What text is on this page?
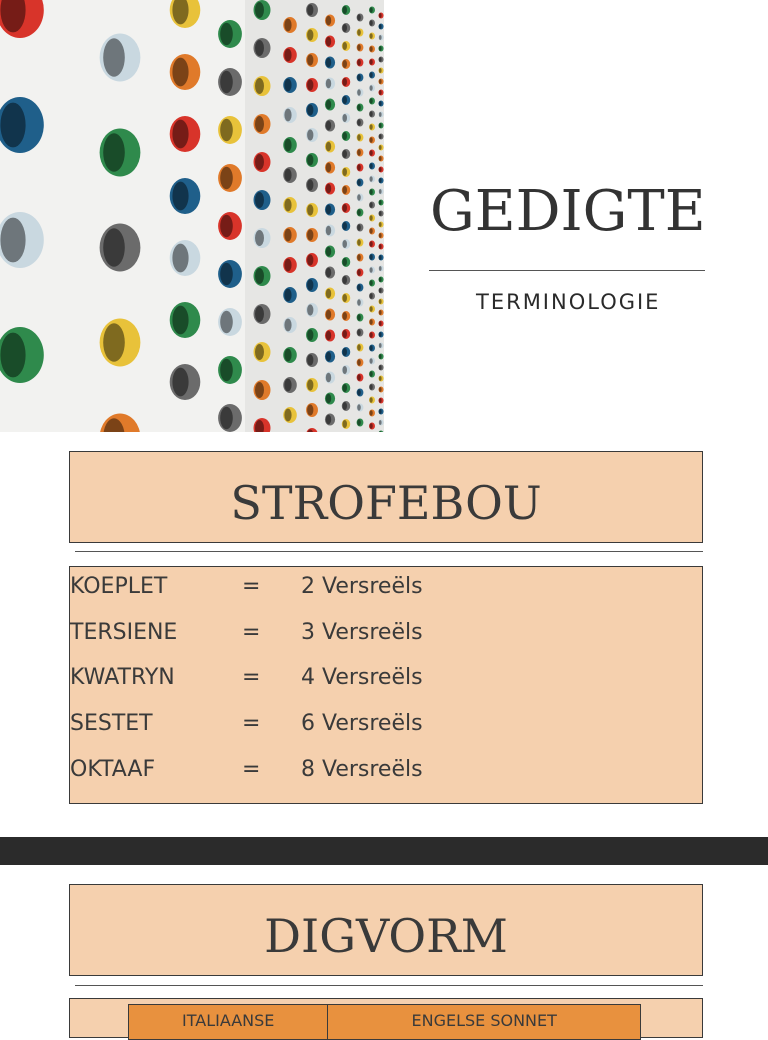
GEDIGTE
TERMINOLOGIE
STROFEBOU
KOEPLET	= 2 Versreëls
TERSIENE	= 3 Versreëls
KWATRYN	= 4 Versreëls
SESTET	= 6 Versreëls
OKTAAF	= 8 Versreëls
DIGVORM
ITALIAANSE	ENGELSE SONNET
